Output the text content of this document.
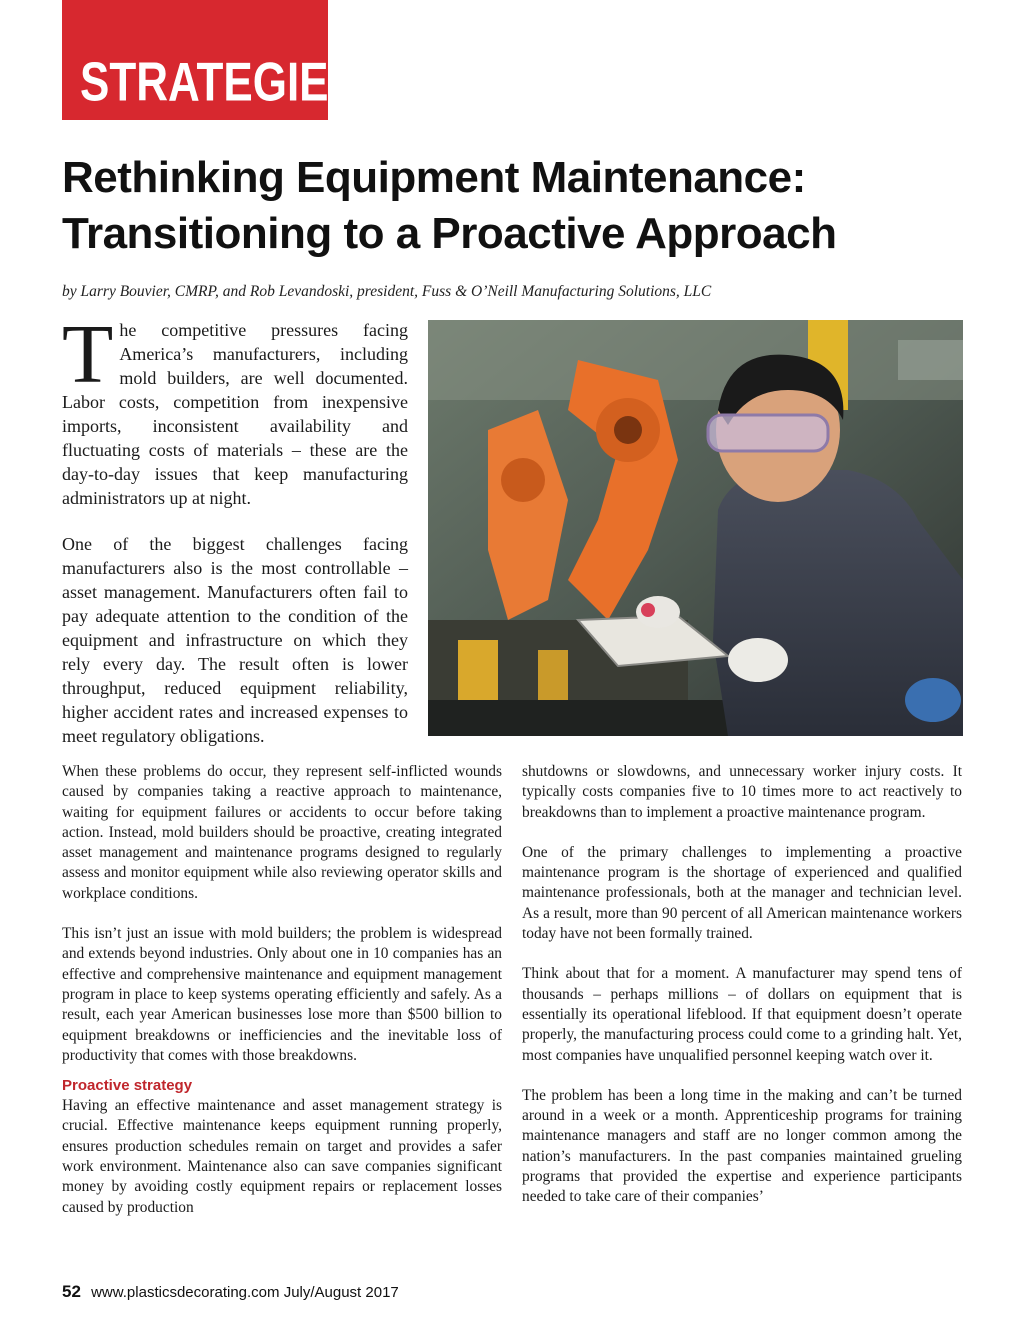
STRATEGIES
Rethinking Equipment Maintenance:
Transitioning to a Proactive Approach
by Larry Bouvier, CMRP, and Rob Levandoski, president, Fuss & O’Neill Manufacturing Solutions, LLC

The competitive pressures facing America’s manufacturers, including mold builders, are well documented. Labor costs, competition from inexpensive imports, inconsistent availability and fluctuating costs of materials – these are the day-to-day issues that keep manufacturing administrators up at night.

One of the biggest challenges facing manufacturers also is the most controllable – asset management. Manufacturers often fail to pay adequate attention to the condition of the equipment and infrastructure on which they rely every day. The result often is lower throughput, reduced equipment reliability, higher accident rates and increased expenses to meet regulatory obligations.

When these problems do occur, they represent self-inflicted wounds caused by companies taking a reactive approach to maintenance, waiting for equipment failures or accidents to occur before taking action. Instead, mold builders should be proactive, creating integrated asset management and maintenance programs designed to regularly assess and monitor equipment while also reviewing operator skills and workplace conditions.

This isn’t just an issue with mold builders; the problem is widespread and extends beyond industries. Only about one in 10 companies has an effective and comprehensive maintenance and equipment management program in place to keep systems operating efficiently and safely. As a result, each year American businesses lose more than $500 billion to equipment breakdowns or inefficiencies and the inevitable loss of productivity that comes with those breakdowns.

Proactive strategy

Having an effective maintenance and asset management strategy is crucial. Effective maintenance keeps equipment running properly, ensures production schedules remain on target and provides a safer work environment. Maintenance also can save companies significant money by avoiding costly equipment repairs or replacement losses caused by production

shutdowns or slowdowns, and unnecessary worker injury costs. It typically costs companies five to 10 times more to act reactively to breakdowns than to implement a proactive maintenance program.

One of the primary challenges to implementing a proactive maintenance program is the shortage of experienced and qualified maintenance professionals, both at the manager and technician level. As a result, more than 90 percent of all American maintenance workers today have not been formally trained.

Think about that for a moment. A manufacturer may spend tens of thousands – perhaps millions – of dollars on equipment that is essentially its operational lifeblood. If that equipment doesn’t operate properly, the manufacturing process could come to a grinding halt. Yet, most companies have unqualified personnel keeping watch over it.

The problem has been a long time in the making and can’t be turned around in a week or a month. Apprenticeship programs for training maintenance managers and staff are no longer common among the nation’s manufacturers. In the past companies maintained grueling programs that provided the expertise and experience participants needed to take care of their companies’

52 www.plasticsdecorating.com July/August 2017
